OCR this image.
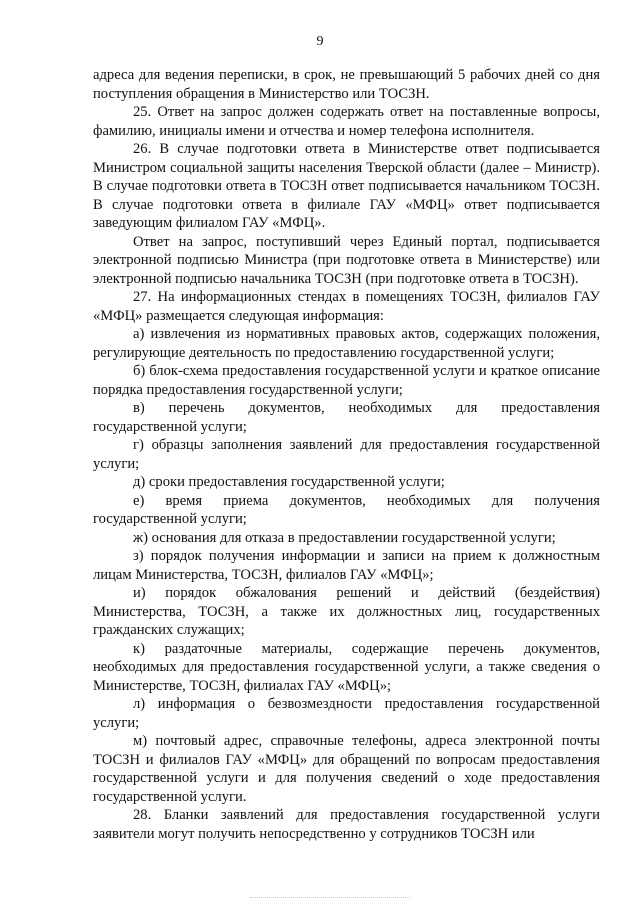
9

адреса для ведения переписки, в срок, не превышающий 5 рабочих дней со дня поступления обращения в Министерство или ТОСЗН.

25. Ответ на запрос должен содержать ответ на поставленные вопросы, фамилию, инициалы имени и отчества и номер телефона исполнителя.

26. В случае подготовки ответа в Министерстве ответ подписывается Министром социальной защиты населения Тверской области (далее – Министр). В случае подготовки ответа в ТОСЗН ответ подписывается начальником ТОСЗН. В случае подготовки ответа в филиале ГАУ «МФЦ» ответ подписывается заведующим филиалом ГАУ «МФЦ».

Ответ на запрос, поступивший через Единый портал, подписывается электронной подписью Министра (при подготовке ответа в Министерстве) или электронной подписью начальника ТОСЗН (при подготовке ответа в ТОСЗН).

27. На информационных стендах в помещениях ТОСЗН, филиалов ГАУ «МФЦ» размещается следующая информация:

а) извлечения из нормативных правовых актов, содержащих положения, регулирующие деятельность по предоставлению государственной услуги;

б) блок-схема предоставления государственной услуги и краткое описание порядка предоставления государственной услуги;

в) перечень документов, необходимых для предоставления государственной услуги;

г) образцы заполнения заявлений для предоставления государственной услуги;

д) сроки предоставления государственной услуги;

е) время приема документов, необходимых для получения государственной услуги;

ж) основания для отказа в предоставлении государственной услуги;

з) порядок получения информации и записи на прием к должностным лицам Министерства, ТОСЗН, филиалов ГАУ «МФЦ»;

и) порядок обжалования решений и действий (бездействия) Министерства, ТОСЗН, а также их должностных лиц, государственных гражданских служащих;

к) раздаточные материалы, содержащие перечень документов, необходимых для предоставления государственной услуги, а также сведения о Министерстве, ТОСЗН, филиалах ГАУ «МФЦ»;

л) информация о безвозмездности предоставления государственной услуги;

м) почтовый адрес, справочные телефоны, адреса электронной почты ТОСЗН и филиалов ГАУ «МФЦ» для обращений по вопросам предоставления государственной услуги и для получения сведений о ходе предоставления государственной услуги.

28. Бланки заявлений для предоставления государственной услуги заявители могут получить непосредственно у сотрудников ТОСЗН или
